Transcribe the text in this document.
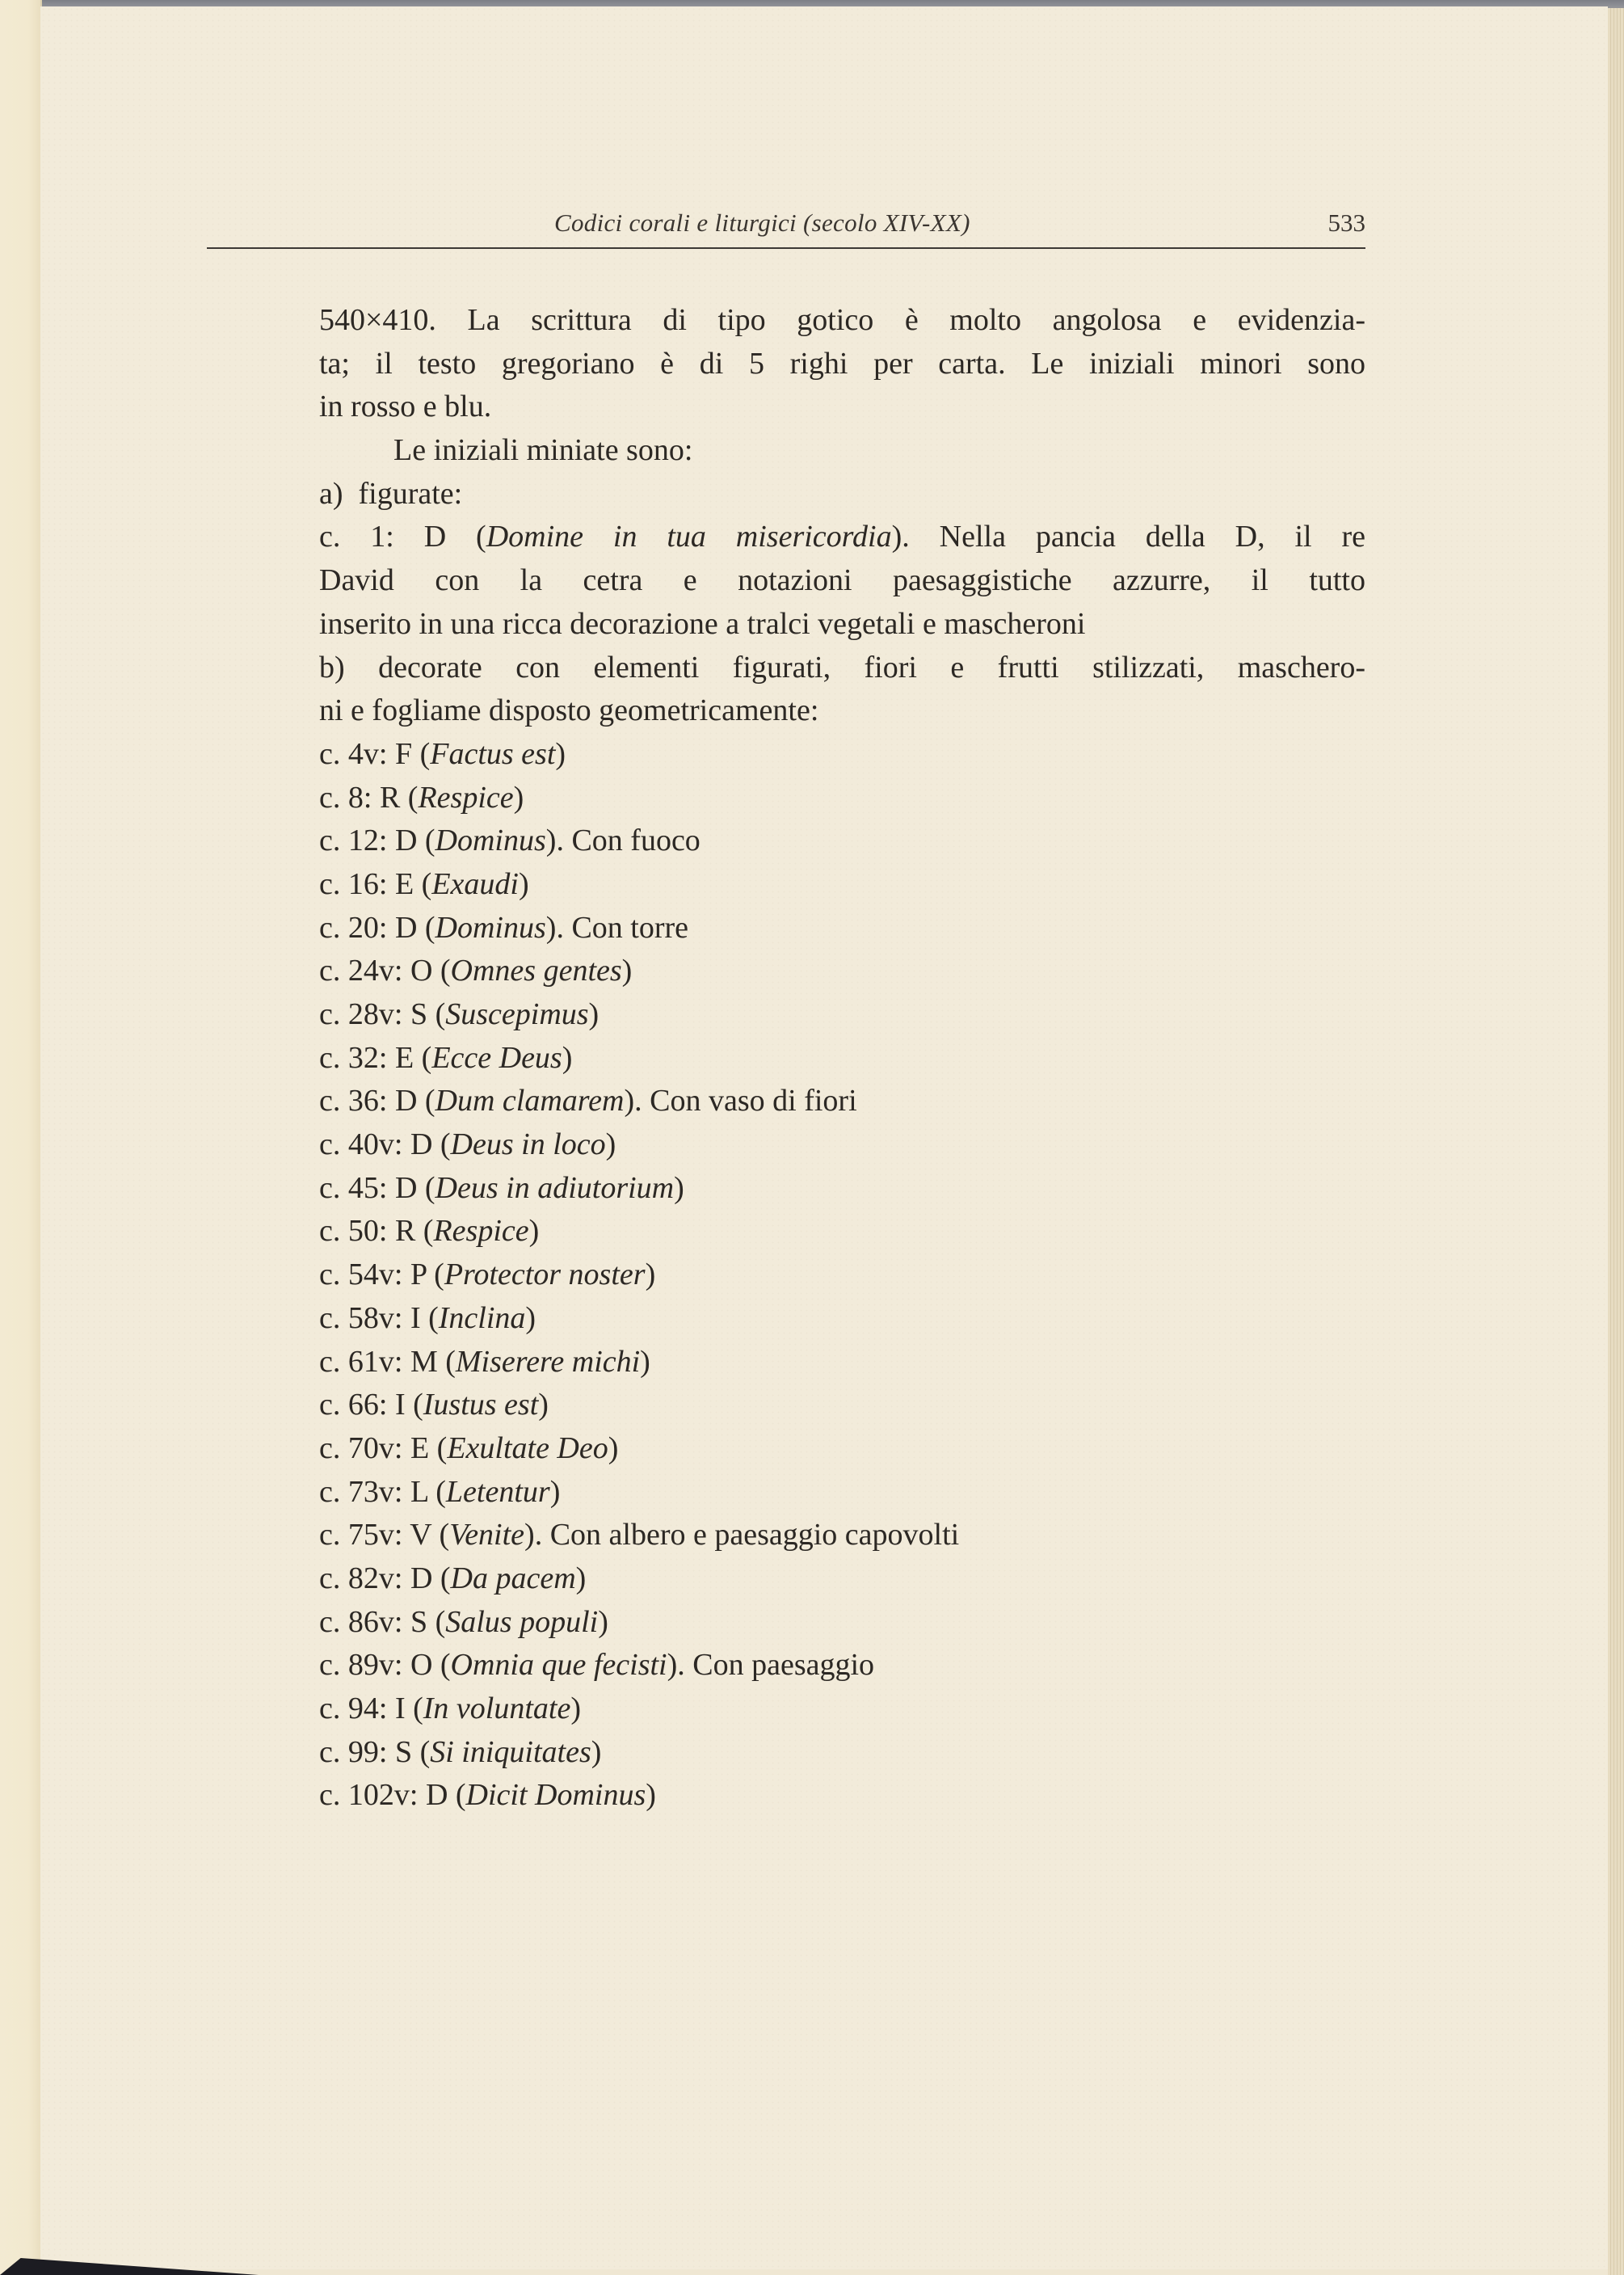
Codici corali e liturgici (secolo XIV-XX)	533
540×410. La scrittura di tipo gotico è molto angolosa e evidenzia-
ta; il testo gregoriano è di 5 righi per carta. Le iniziali minori sono
in rosso e blu.
Le iniziali miniate sono:
a)  figurate:
c. 1: D (Domine in tua misericordia). Nella pancia della D, il re
David con la cetra e notazioni paesaggistiche azzurre, il tutto
inserito in una ricca decorazione a tralci vegetali e mascheroni
b) decorate con elementi figurati, fiori e frutti stilizzati, maschero-
ni e fogliame disposto geometricamente:
c. 4v: F (Factus est)
c. 8: R (Respice)
c. 12: D (Dominus). Con fuoco
c. 16: E (Exaudi)
c. 20: D (Dominus). Con torre
c. 24v: O (Omnes gentes)
c. 28v: S (Suscepimus)
c. 32: E (Ecce Deus)
c. 36: D (Dum clamarem). Con vaso di fiori
c. 40v: D (Deus in loco)
c. 45: D (Deus in adiutorium)
c. 50: R (Respice)
c. 54v: P (Protector noster)
c. 58v: I (Inclina)
c. 61v: M (Miserere michi)
c. 66: I (Iustus est)
c. 70v: E (Exultate Deo)
c. 73v: L (Letentur)
c. 75v: V (Venite). Con albero e paesaggio capovolti
c. 82v: D (Da pacem)
c. 86v: S (Salus populi)
c. 89v: O (Omnia que fecisti). Con paesaggio
c. 94: I (In voluntate)
c. 99: S (Si iniquitates)
c. 102v: D (Dicit Dominus)
